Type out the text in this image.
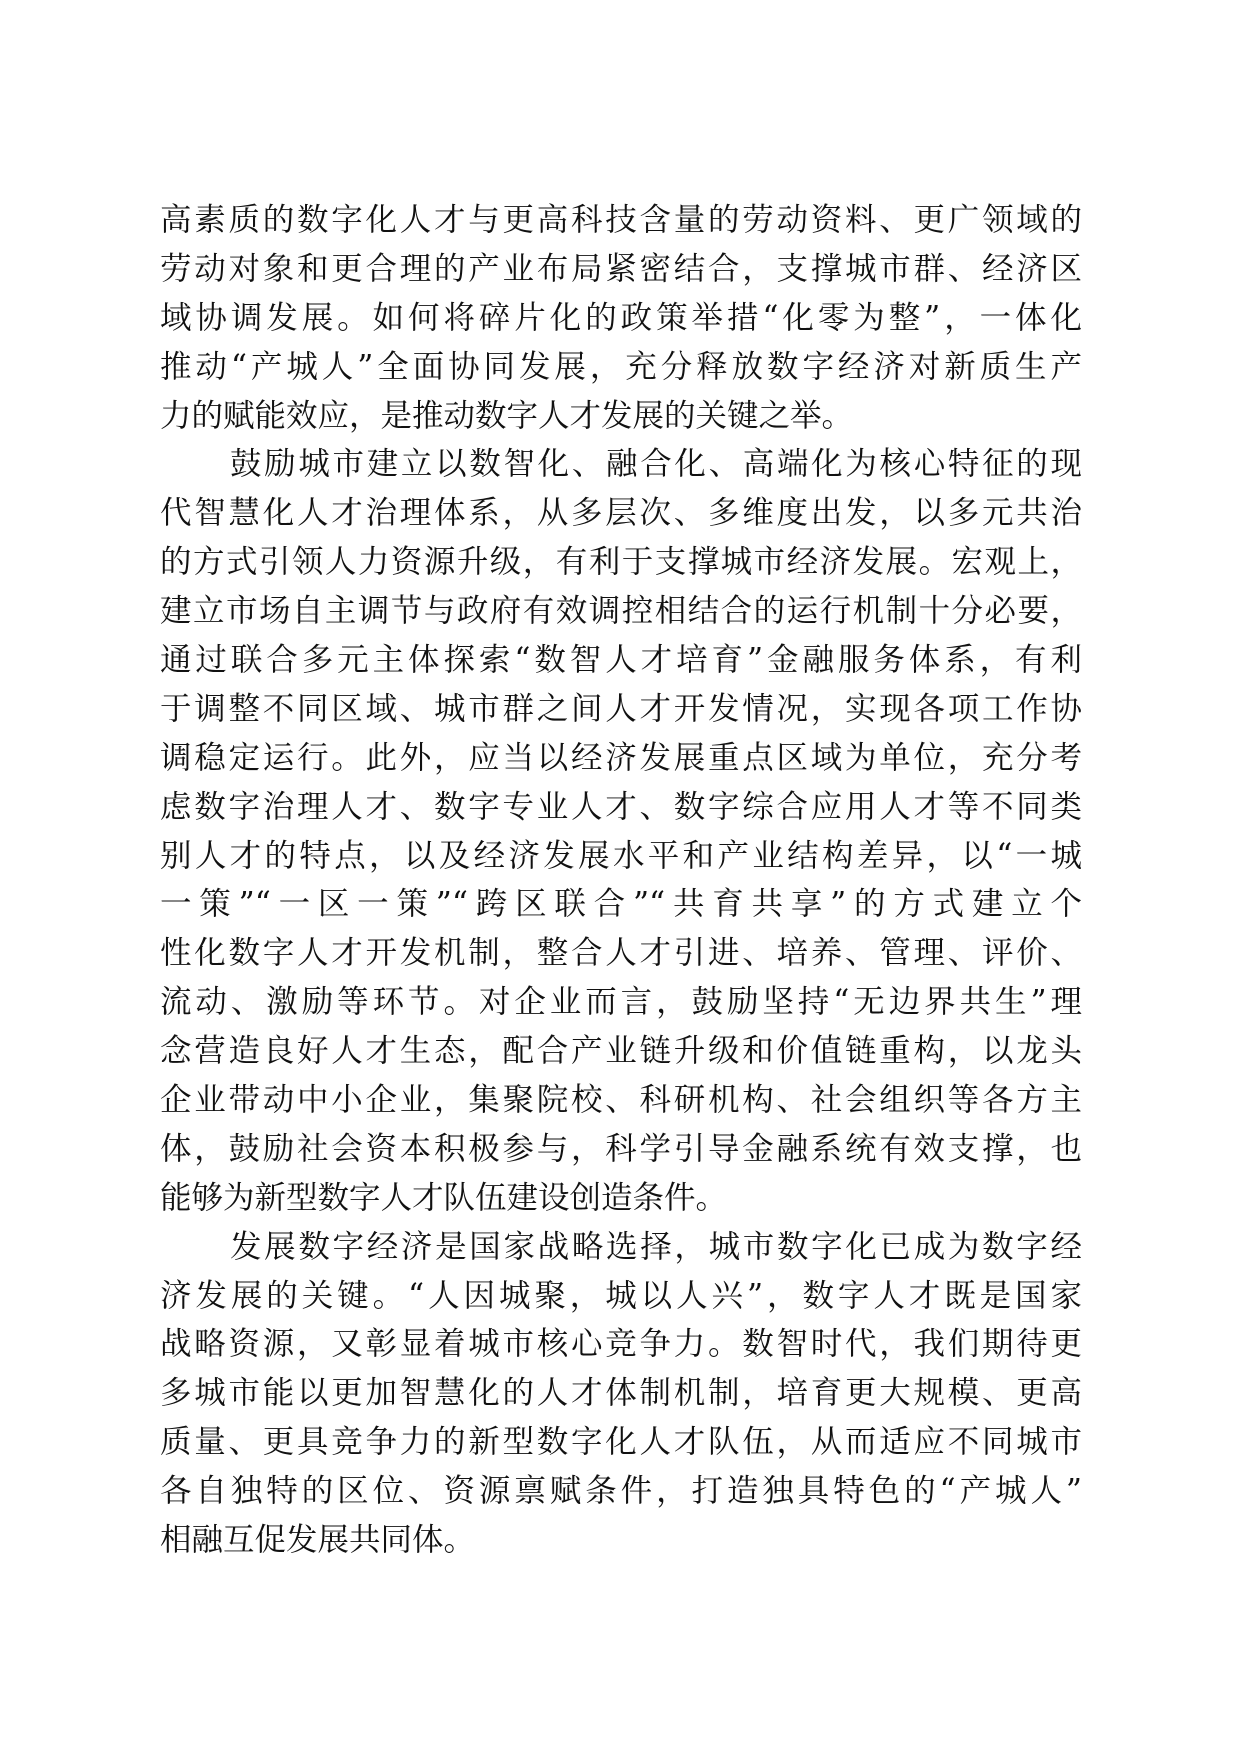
高素质的数字化人才与更高科技含量的劳动资料、更广领域的
劳动对象和更合理的产业布局紧密结合，支撑城市群、经济区
域协调发展。如何将碎片化的政策举措“化零为整”，一体化
推动“产城人”全面协同发展，充分释放数字经济对新质生产
力的赋能效应，是推动数字人才发展的关键之举。
鼓励城市建立以数智化、融合化、高端化为核心特征的现
代智慧化人才治理体系，从多层次、多维度出发，以多元共治
的方式引领人力资源升级，有利于支撑城市经济发展。宏观上，
建立市场自主调节与政府有效调控相结合的运行机制十分必要，
通过联合多元主体探索“数智人才培育”金融服务体系，有利
于调整不同区域、城市群之间人才开发情况，实现各项工作协
调稳定运行。此外，应当以经济发展重点区域为单位，充分考
虑数字治理人才、数字专业人才、数字综合应用人才等不同类
别人才的特点，以及经济发展水平和产业结构差异，以“一城
一策”“一区一策”“跨区联合”“共育共享”的方式建立个
性化数字人才开发机制，整合人才引进、培养、管理、评价、
流动、激励等环节。对企业而言，鼓励坚持“无边界共生”理
念营造良好人才生态，配合产业链升级和价值链重构，以龙头
企业带动中小企业，集聚院校、科研机构、社会组织等各方主
体，鼓励社会资本积极参与，科学引导金融系统有效支撑，也
能够为新型数字人才队伍建设创造条件。
发展数字经济是国家战略选择，城市数字化已成为数字经
济发展的关键。“人因城聚，城以人兴”，数字人才既是国家
战略资源，又彰显着城市核心竞争力。数智时代，我们期待更
多城市能以更加智慧化的人才体制机制，培育更大规模、更高
质量、更具竞争力的新型数字化人才队伍，从而适应不同城市
各自独特的区位、资源禀赋条件，打造独具特色的“产城人”
相融互促发展共同体。
